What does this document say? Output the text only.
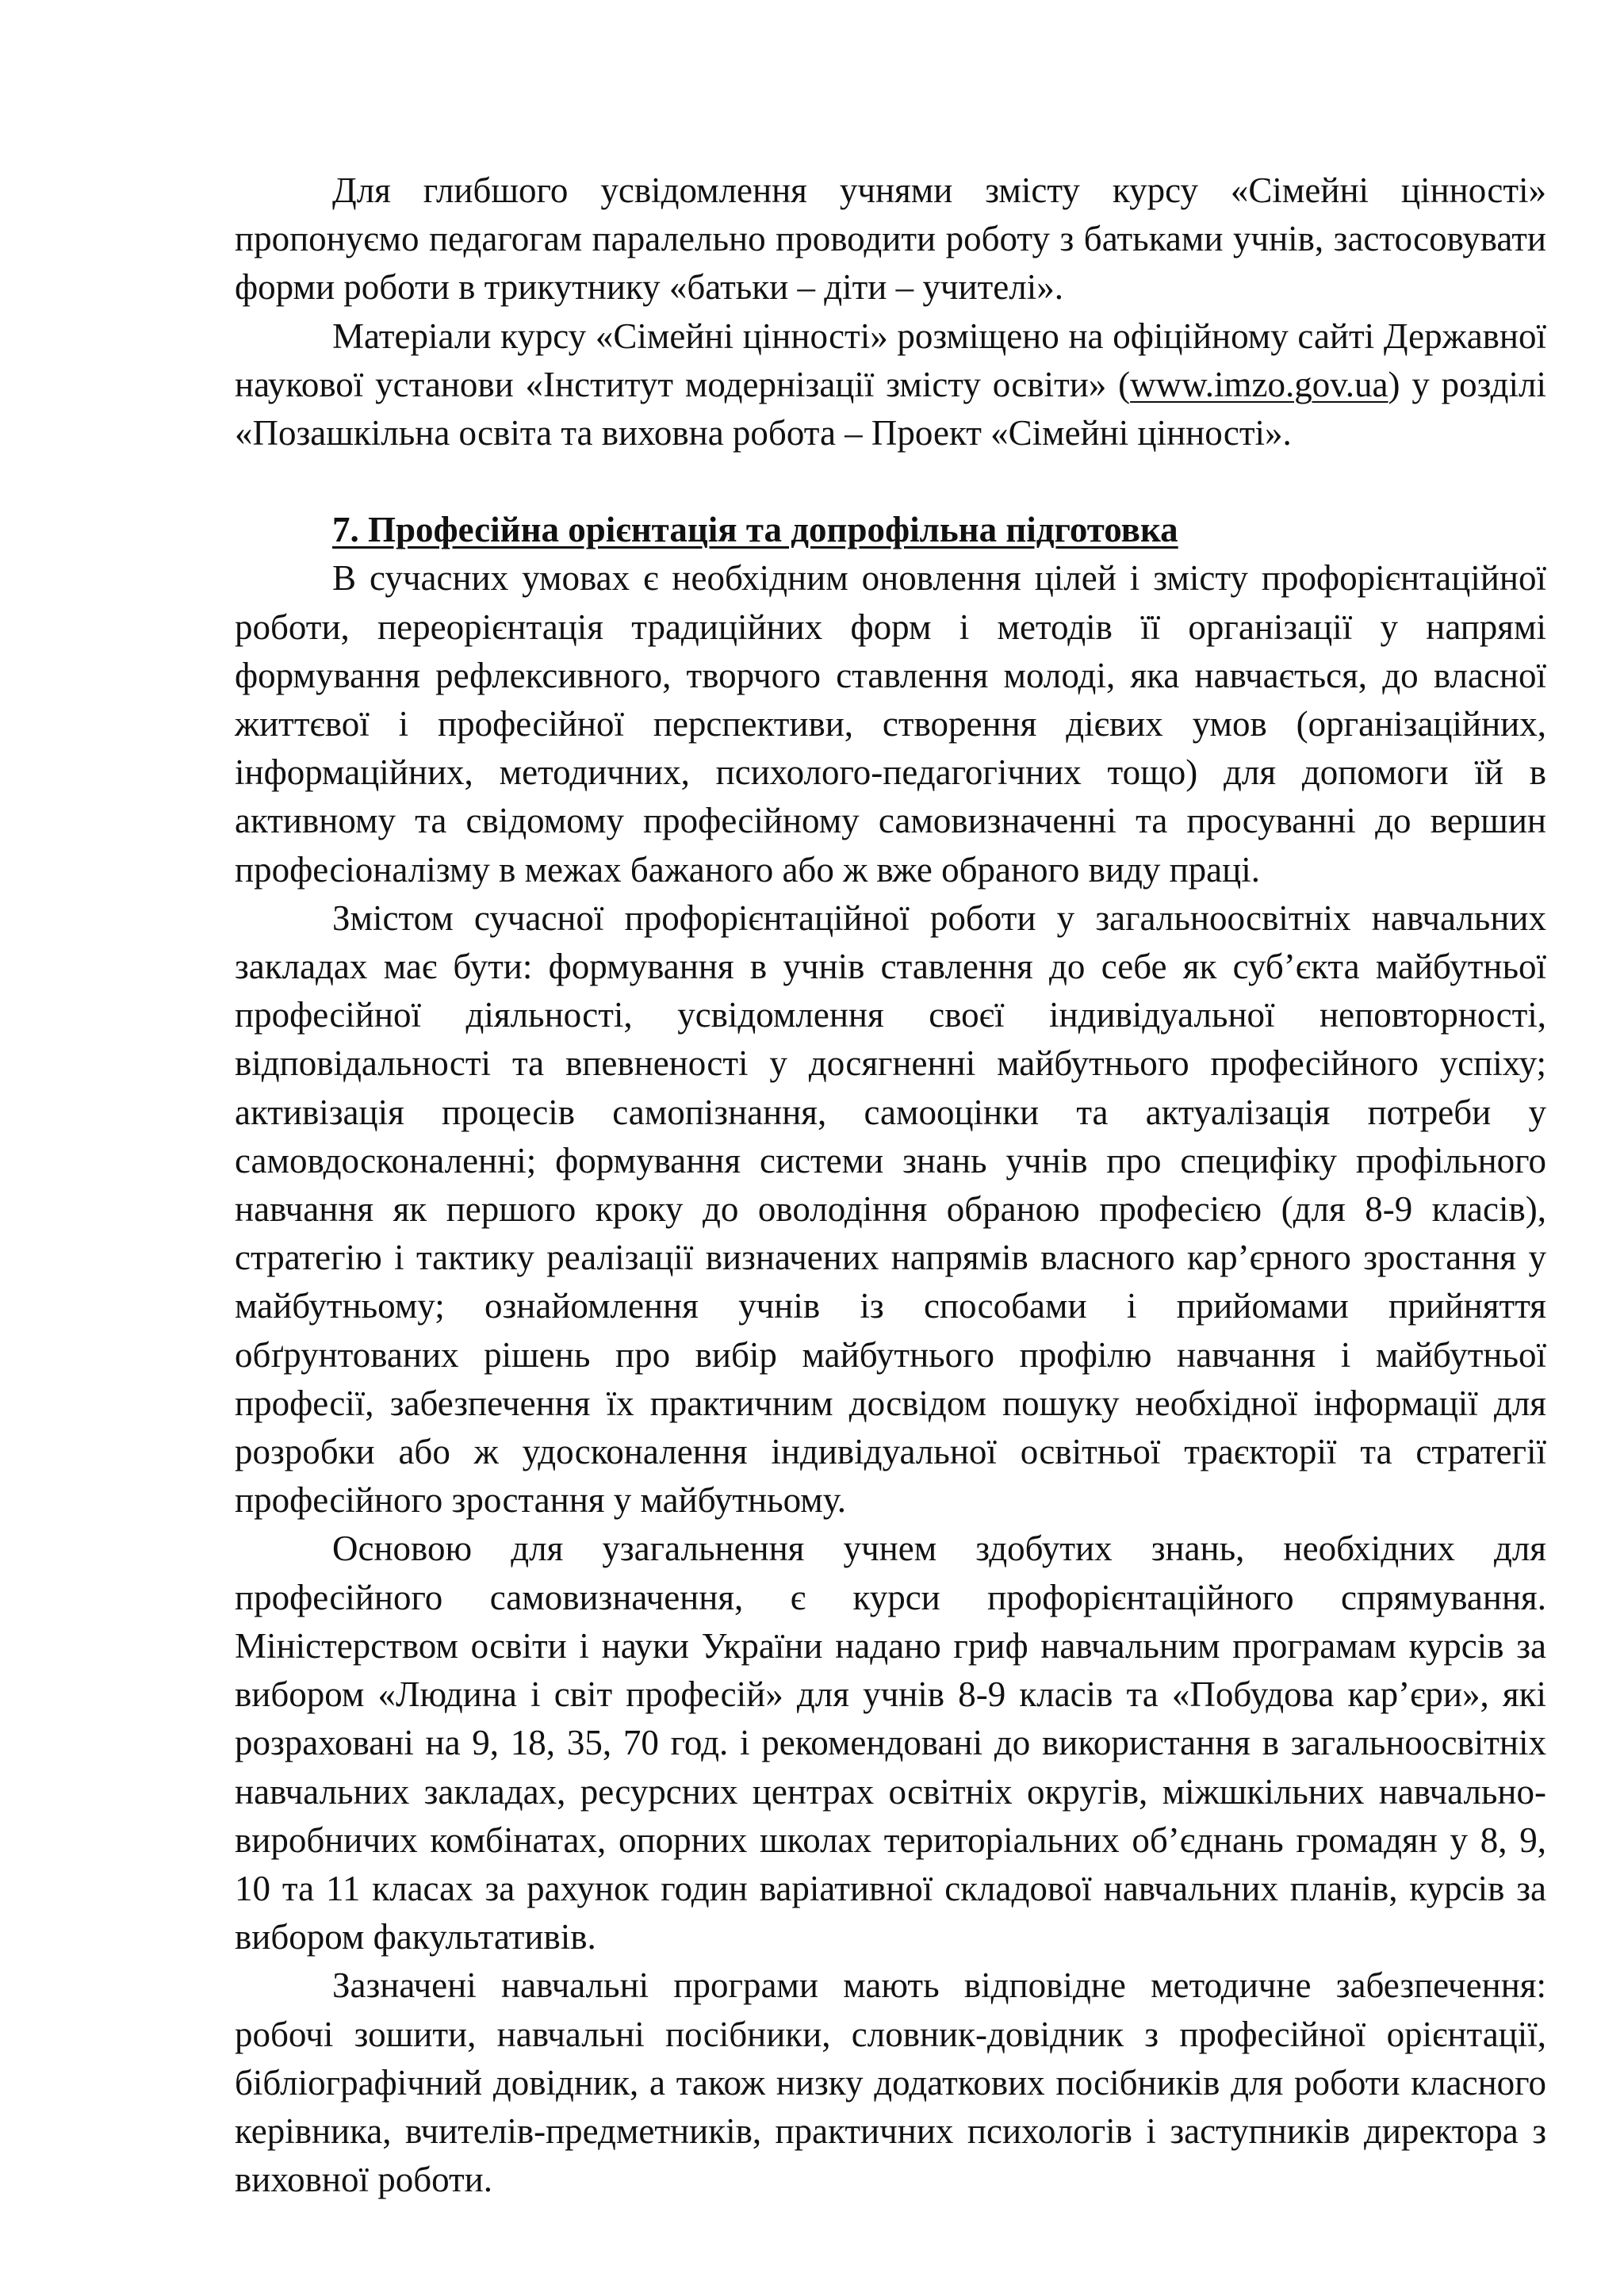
Для глибшого усвідомлення учнями змісту курсу «Сімейні цінності» пропонуємо педагогам паралельно проводити роботу з батьками учнів, застосовувати форми роботи в трикутнику «батьки – діти – учителі».

Матеріали курсу «Сімейні цінності» розміщено на офіційному сайті Державної наукової установи «Інститут модернізації змісту освіти» (www.imzo.gov.ua) у розділі «Позашкільна освіта та виховна робота – Проект «Сімейні цінності».

7. Професійна орієнтація та допрофільна підготовка

В сучасних умовах є необхідним оновлення цілей і змісту профорієнтаційної роботи, переорієнтація традиційних форм і методів її організації у напрямі формування рефлексивного, творчого ставлення молоді, яка навчається, до власної життєвої і професійної перспективи, створення дієвих умов (організаційних, інформаційних, методичних, психолого-педагогічних тощо) для допомоги їй в активному та свідомому професійному самовизначенні та просуванні до вершин професіоналізму в межах бажаного або ж вже обраного виду праці.

Змістом сучасної профорієнтаційної роботи у загальноосвітніх навчальних закладах має бути: формування в учнів ставлення до себе як суб’єкта майбутньої професійної діяльності, усвідомлення своєї індивідуальної неповторності, відповідальності та впевненості у досягненні майбутнього професійного успіху; активізація процесів самопізнання, самооцінки та актуалізація потреби у самовдосконаленні; формування системи знань учнів про специфіку профільного навчання як першого кроку до оволодіння обраною професією (для 8-9 класів), стратегію і тактику реалізації визначених напрямів власного кар’єрного зростання у майбутньому; ознайомлення учнів із способами і прийомами прийняття обґрунтованих рішень про вибір майбутнього профілю навчання і майбутньої професії, забезпечення їх практичним досвідом пошуку необхідної інформації для розробки або ж удосконалення індивідуальної освітньої траєкторії та стратегії професійного зростання у майбутньому.

Основою для узагальнення учнем здобутих знань, необхідних для професійного самовизначення, є курси профорієнтаційного спрямування. Міністерством освіти і науки України надано гриф навчальним програмам курсів за вибором «Людина і світ професій» для учнів 8-9 класів та «Побудова кар’єри», які розраховані на 9, 18, 35, 70 год. і рекомендовані до використання в загальноосвітніх навчальних закладах, ресурсних центрах освітніх округів, міжшкільних навчально-виробничих комбінатах, опорних школах територіальних об’єднань громадян у 8, 9, 10 та 11 класах за рахунок годин варіативної складової навчальних планів, курсів за вибором факультативів.

Зазначені навчальні програми мають відповідне методичне забезпечення: робочі зошити, навчальні посібники, словник-довідник з професійної орієнтації, бібліографічний довідник, а також низку додаткових посібників для роботи класного керівника, вчителів-предметників, практичних психологів і заступників директора з виховної роботи.
